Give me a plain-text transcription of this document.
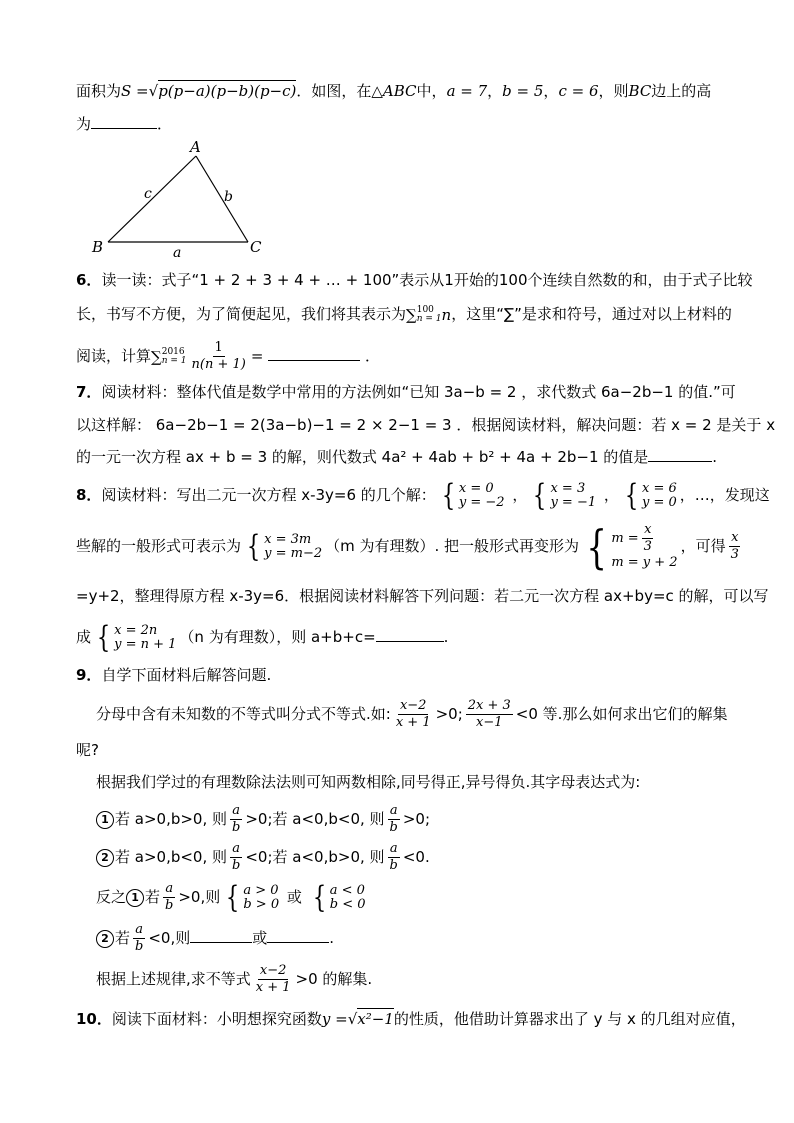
面积为S =√p(p−a)(p−b)(p−c)．如图，在△ABC中，a = 7，b = 5，c = 6，则BC边上的高
为	．
A
B	C
c	b
a
6．读一读：式子“1 + 2 + 3 + 4 + … + 100”表示从1开始的100个连续自然数的和，由于式子比较
长，书写不方便，为了简便起见，我们将其表示为 ∑ 100
n = 1 n ，这里“∑”是求和符号，通过对以上材料的
阅读，计算 ∑ 2016
$n = 1 \frac{1}{n(n + 1)}$ =	．
7．阅读材料：整体代值是数学中常用的方法例如“已知 3a−b = 2 ，求代数式 6a−2b−1 的值.”可
以这样解： 6a−2b−1 = 2(3a−b)−1 = 2 × 2−1 = 3 ．根据阅读材料，解决问题：若 x = 2 是关于 x
的一元一次方程 ax + b = 3 的解，则代数式 4a² + 4ab + b² + 4a + 2b−1 的值是	.
8．阅读材料：写出二元一次方程 x-3y=6 的几个解： { x = 0
y = −2 ， { x = 3
y = −1 ， { x = 6
y = 0 ，…，发现这
些解的一般形式可表示为 { x = 3m
y = m−2 （m 为有理数）. 把一般形式再变形为 { $m = \frac{x}{3}$
m = y + 2
，可得 $\frac{x}{3}$
=y+2，整理得原方程 x-3y=6．根据阅读材料解答下列问题：若二元一次方程 ax+by=c 的解，可以写
成 { x = 2n
y = n + 1 （n 为有理数），则 a+b+c=	.
9．自学下面材料后解答问题.
分母中含有未知数的不等式叫分式不等式.如: $\frac{x-2}{x + 1} >0$; $\frac{2x + 3}{x-1} <0$ 等.那么如何求出它们的解集
呢?
根据我们学过的有理数除法法则可知两数相除,同号得正,异号得负.其字母表达式为:
1 若 a>0,b>0, 则 $\frac{a}{b} >0$;若 a<0,b<0, 则 $\frac{a}{b} >0$;
2 若 a>0,b<0, 则 $\frac{a}{b} <0$;若 a<0,b>0, 则 $\frac{a}{b} <0$.
反之 1 若 $\frac{a}{b} >0$,则 { a > 0
b > 0 或 { a < 0
b < 0
2 若 $\frac{a}{b} <0$,则	或	.
根据上述规律,求不等式 $\frac{x-2}{x + 1} >0$ 的解集.
10．阅读下面材料：小明想探究函数y =√x²−1的性质，他借助计算器求出了 y 与 x 的几组对应值，
